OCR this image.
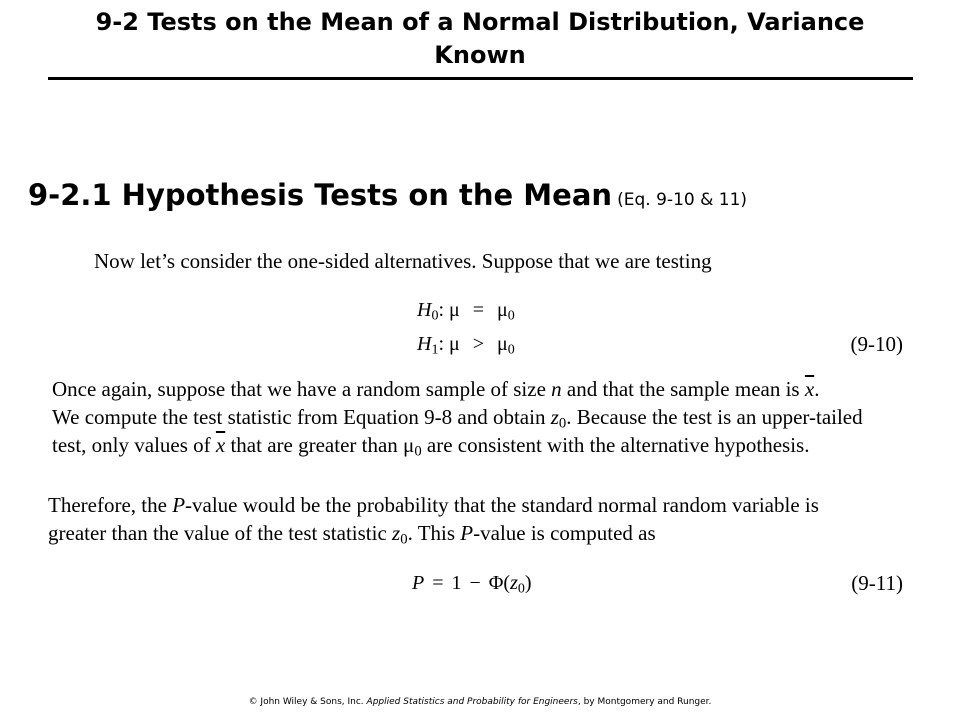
9-2 Tests on the Mean of a Normal Distribution, Variance Known
9-2.1 Hypothesis Tests on the Mean (Eq. 9-10 & 11)
Now let’s consider the one-sided alternatives. Suppose that we are testing
$H_0$: $\mu = \mu_0$
$H_1$: $\mu > \mu_0$	(9-10)
Once again, suppose that we have a random sample of size n and that the sample mean is $\overline{x}$.
We compute the test statistic from Equation 9-8 and obtain $z_0$. Because the test is an upper-tailed
test, only values of $\overline{x}$ that are greater than $\mu_0$ are consistent with the alternative hypothesis.
Therefore, the P-value would be the probability that the standard normal random variable is
greater than the value of the test statistic $z_0$. This P-value is computed as
$P = 1 - \Phi(z_0)$	(9-11)
© John Wiley & Sons, Inc. Applied Statistics and Probability for Engineers, by Montgomery and Runger.
